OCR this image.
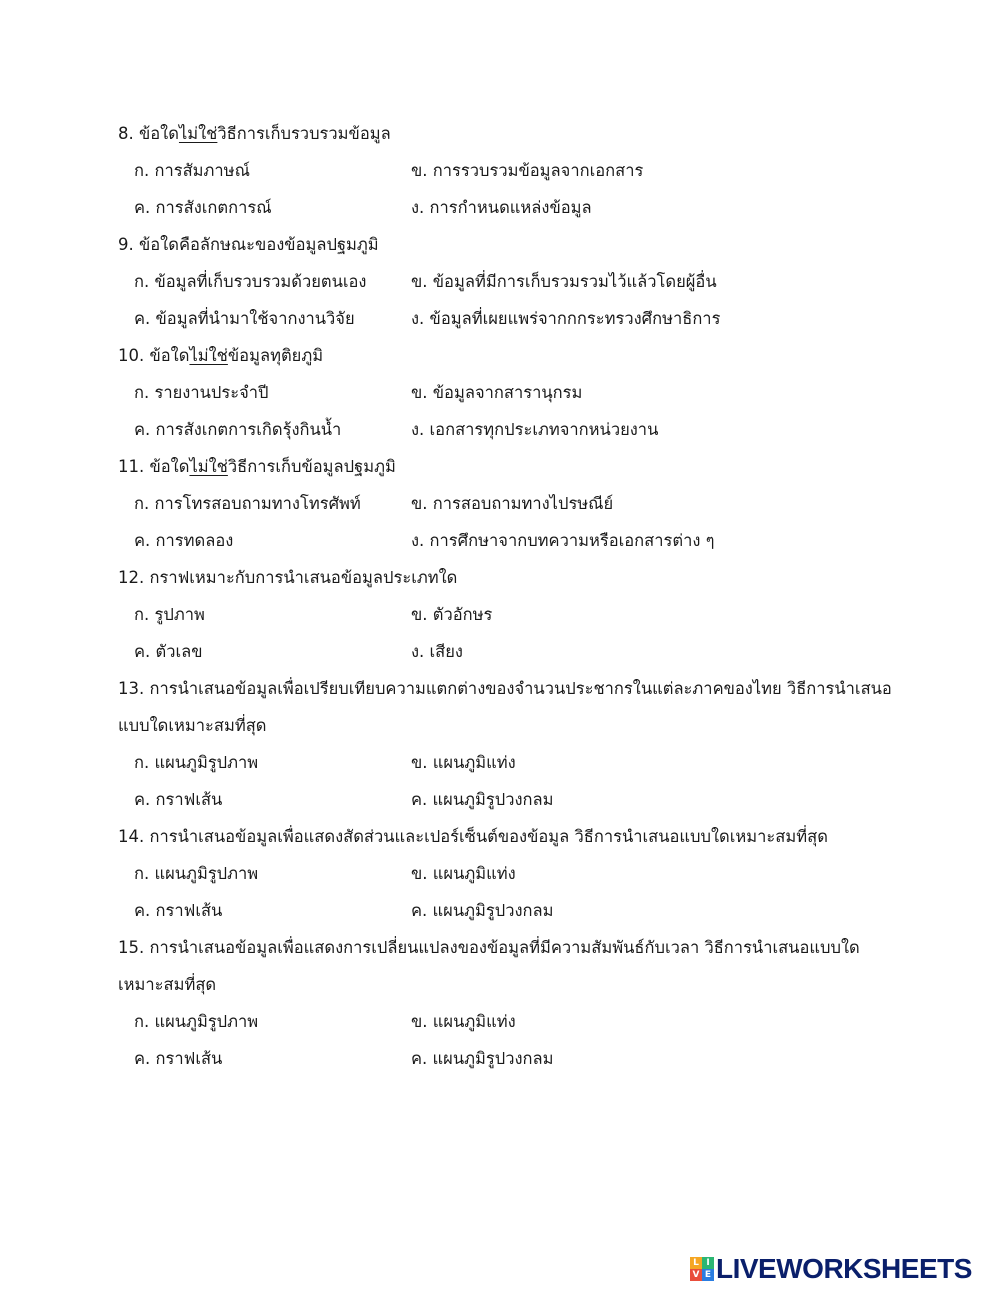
8. ข้อใดไม่ใช่วิธีการเก็บรวบรวมข้อมูล
ก. การสัมภาษณ์	ข. การรวบรวมข้อมูลจากเอกสาร
ค. การสังเกตการณ์	ง. การกำหนดแหล่งข้อมูล
9. ข้อใดคือลักษณะของข้อมูลปฐมภูมิ
ก. ข้อมูลที่เก็บรวบรวมด้วยตนเอง	ข. ข้อมูลที่มีการเก็บรวมรวมไว้แล้วโดยผู้อื่น
ค. ข้อมูลที่นำมาใช้จากงานวิจัย	ง. ข้อมูลที่เผยแพร่จากกกระทรวงศึกษาธิการ
10. ข้อใดไม่ใช่ข้อมูลทุติยภูมิ
ก. รายงานประจำปี	ข. ข้อมูลจากสารานุกรม
ค. การสังเกตการเกิดรุ้งกินน้ำ	ง. เอกสารทุกประเภทจากหน่วยงาน
11. ข้อใดไม่ใช่วิธีการเก็บข้อมูลปฐมภูมิ
ก. การโทรสอบถามทางโทรศัพท์	ข. การสอบถามทางไปรษณีย์
ค. การทดลอง	ง. การศึกษาจากบทความหรือเอกสารต่าง ๆ
12. กราฟเหมาะกับการนำเสนอข้อมูลประเภทใด
ก. รูปภาพ	ข. ตัวอักษร
ค. ตัวเลข	ง. เสียง
13. การนำเสนอข้อมูลเพื่อเปรียบเทียบความแตกต่างของจำนวนประชากรในแต่ละภาคของไทย วิธีการนำเสนอ
แบบใดเหมาะสมที่สุด
ก. แผนภูมิรูปภาพ	ข. แผนภูมิแท่ง
ค. กราฟเส้น	ค. แผนภูมิรูปวงกลม
14. การนำเสนอข้อมูลเพื่อแสดงสัดส่วนและเปอร์เซ็นต์ของข้อมูล วิธีการนำเสนอแบบใดเหมาะสมที่สุด
ก. แผนภูมิรูปภาพ	ข. แผนภูมิแท่ง
ค. กราฟเส้น	ค. แผนภูมิรูปวงกลม
15. การนำเสนอข้อมูลเพื่อแสดงการเปลี่ยนแปลงของข้อมูลที่มีความสัมพันธ์กับเวลา วิธีการนำเสนอแบบใด
เหมาะสมที่สุด
ก. แผนภูมิรูปภาพ	ข. แผนภูมิแท่ง
ค. กราฟเส้น	ค. แผนภูมิรูปวงกลม
L I
V E LIVEWORKSHEETS
